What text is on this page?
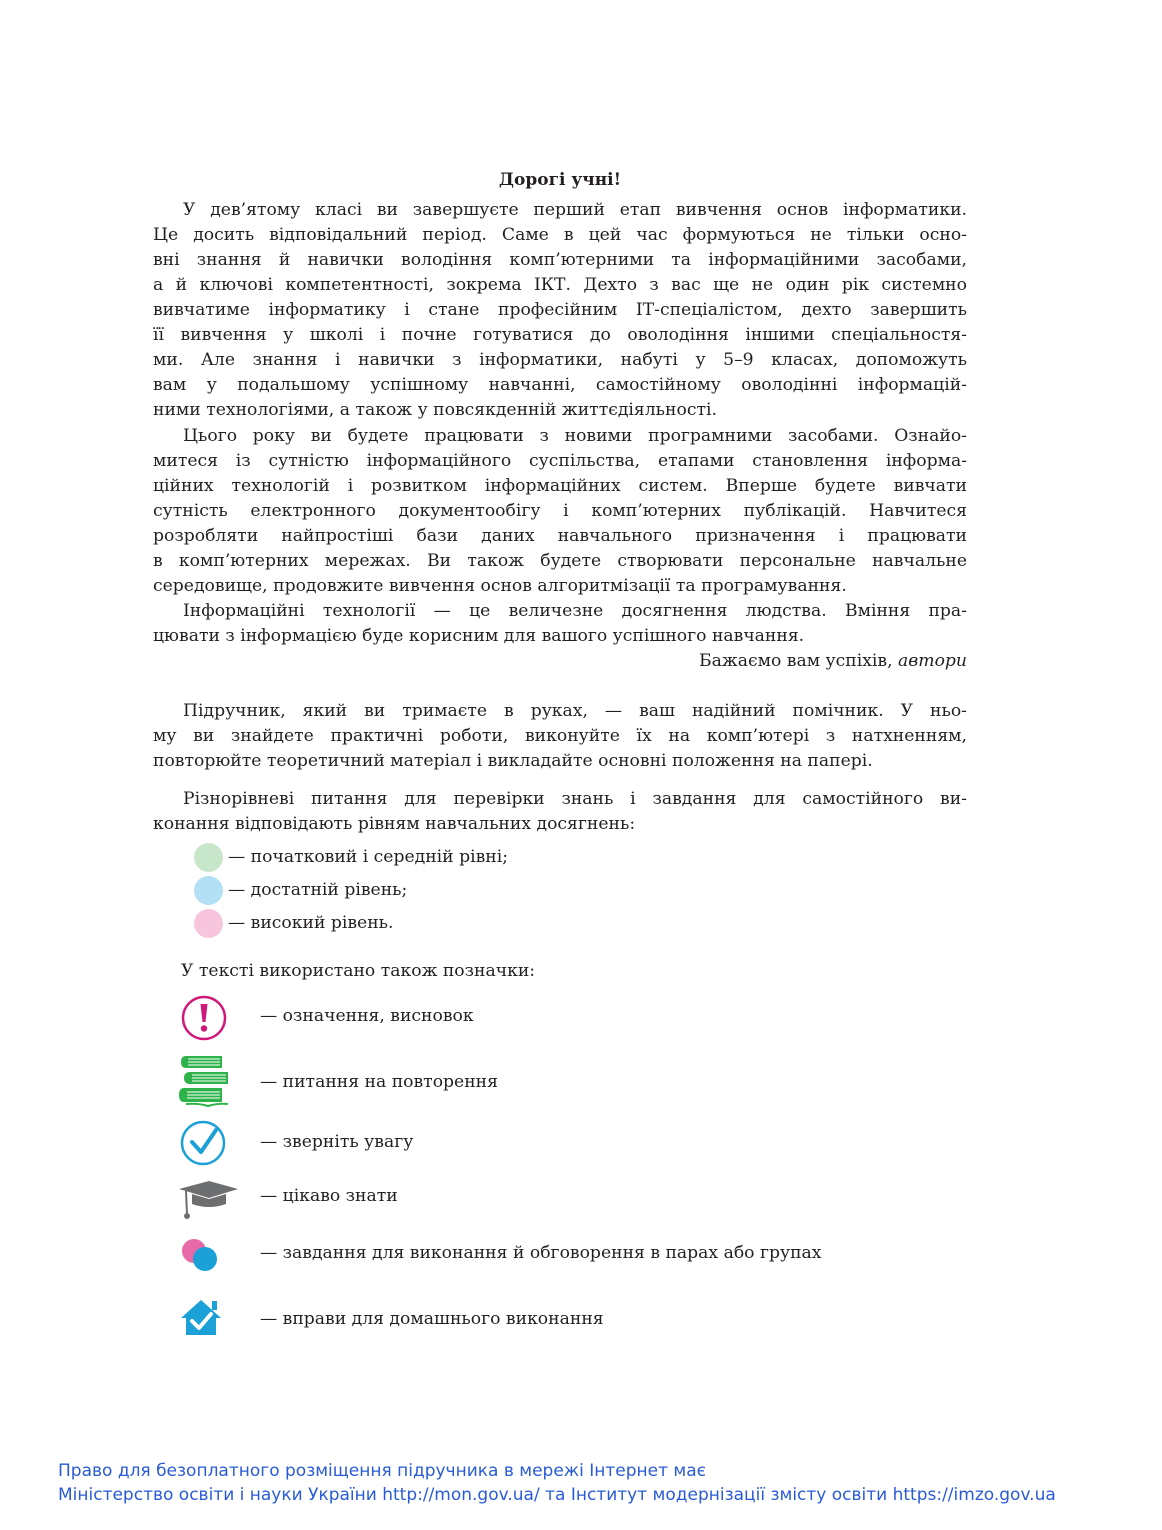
Дорогі учні!
У дев’ятому класі ви завершуєте перший етап вивчення основ інформатики.
Це досить відповідальний період. Саме в цей час формуються не тільки осно-
вні знання й навички володіння комп’ютерними та інформаційними засобами,
а й ключові компетентності, зокрема ІКТ. Дехто з вас ще не один рік системно
вивчатиме інформатику і стане професійним ІТ-спеціалістом, дехто завершить
її вивчення у школі і почне готуватися до оволодіння іншими спеціальностя-
ми. Але знання і навички з інформатики, набуті у 5–9 класах, допоможуть
вам у подальшому успішному навчанні, самостійному оволодінні інформацій-
ними технологіями, а також у повсякденній життєдіяльності.
Цього року ви будете працювати з новими програмними засобами. Ознайо-
митеся із сутністю інформаційного суспільства, етапами становлення інформа-
ційних технологій і розвитком інформаційних систем. Вперше будете вивчати
сутність електронного документообігу і комп’ютерних публікацій. Навчитеся
розробляти найпростіші бази даних навчального призначення і працювати
в комп’ютерних мережах. Ви також будете створювати персональне навчальне
середовище, продовжите вивчення основ алгоритмізації та програмування.
Інформаційні технології — це величезне досягнення людства. Вміння пра-
цювати з інформацією буде корисним для вашого успішного навчання.
Бажаємо вам успіхів, автори
Підручник, який ви тримаєте в руках, — ваш надійний помічник. У ньо-
му ви знайдете практичні роботи, виконуйте їх на комп’ютері з натхненням,
повторюйте теоретичний матеріал і викладайте основні положення на папері.
Різнорівневі питання для перевірки знань і завдання для самостійного ви-
конання відповідають рівням навчальних досягнень:
— початковий і середній рівні;
— достатній рівень;
— високий рівень.
У тексті використано також позначки:
— означення, висновок
— питання на повторення
— зверніть увагу
— цікаво знати
— завдання для виконання й обговорення в парах або групах
— вправи для домашнього виконання
Право для безоплатного розміщення підручника в мережі Інтернет має
Міністерство освіти і науки України http://mon.gov.ua/ та Інститут модернізації змісту освіти https://imzo.gov.ua
